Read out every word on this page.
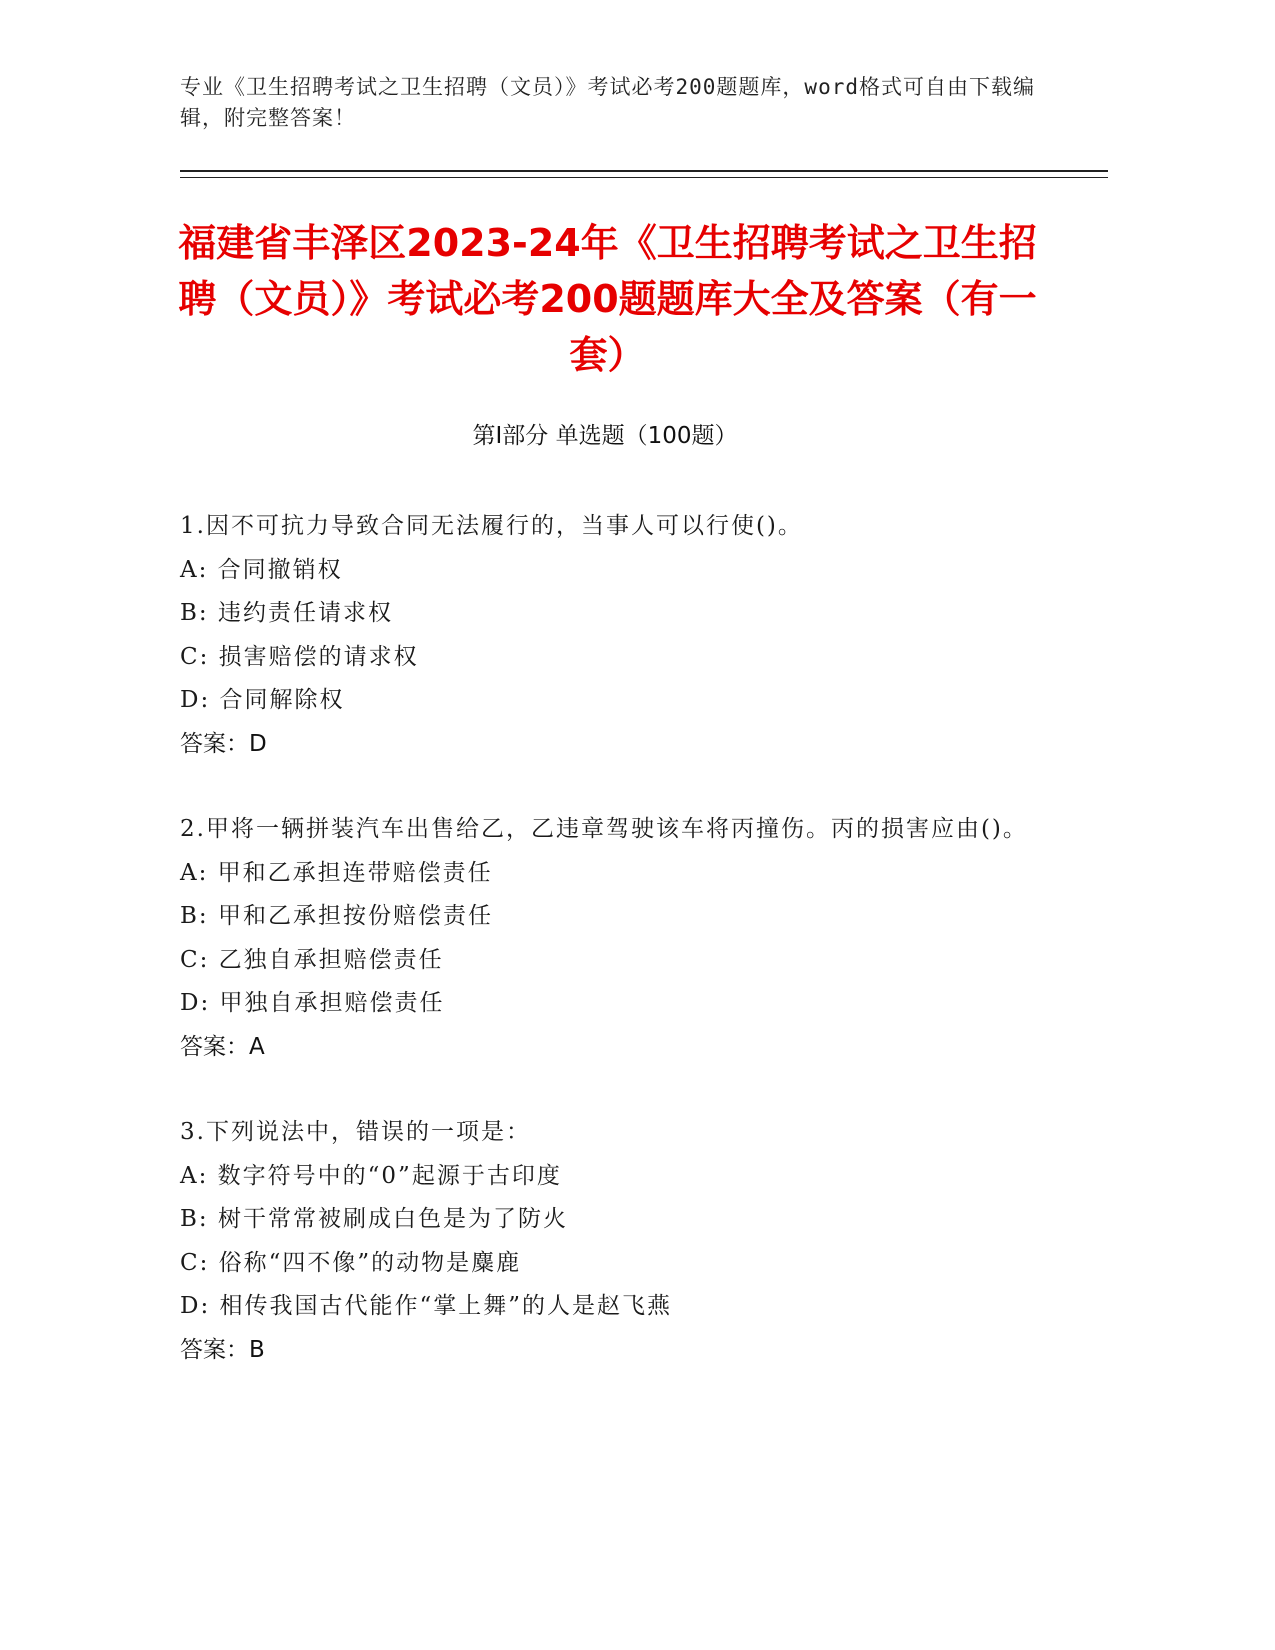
专业《卫生招聘考试之卫生招聘（文员）》考试必考200题题库，word格式可自由下载编辑，附完整答案！
福建省丰泽区2023-24年《卫生招聘考试之卫生招聘（文员）》考试必考200题题库大全及答案（有一套）
第Ⅰ部分 单选题（100题）
1.因不可抗力导致合同无法履行的，当事人可以行使()。
A: 合同撤销权
B: 违约责任请求权
C: 损害赔偿的请求权
D: 合同解除权
答案：D
2.甲将一辆拼装汽车出售给乙，乙违章驾驶该车将丙撞伤。丙的损害应由()。
A: 甲和乙承担连带赔偿责任
B: 甲和乙承担按份赔偿责任
C: 乙独自承担赔偿责任
D: 甲独自承担赔偿责任
答案：A
3.下列说法中，错误的一项是：
A: 数字符号中的“0”起源于古印度
B: 树干常常被刷成白色是为了防火
C: 俗称“四不像”的动物是麋鹿
D: 相传我国古代能作“掌上舞”的人是赵飞燕
答案：B
